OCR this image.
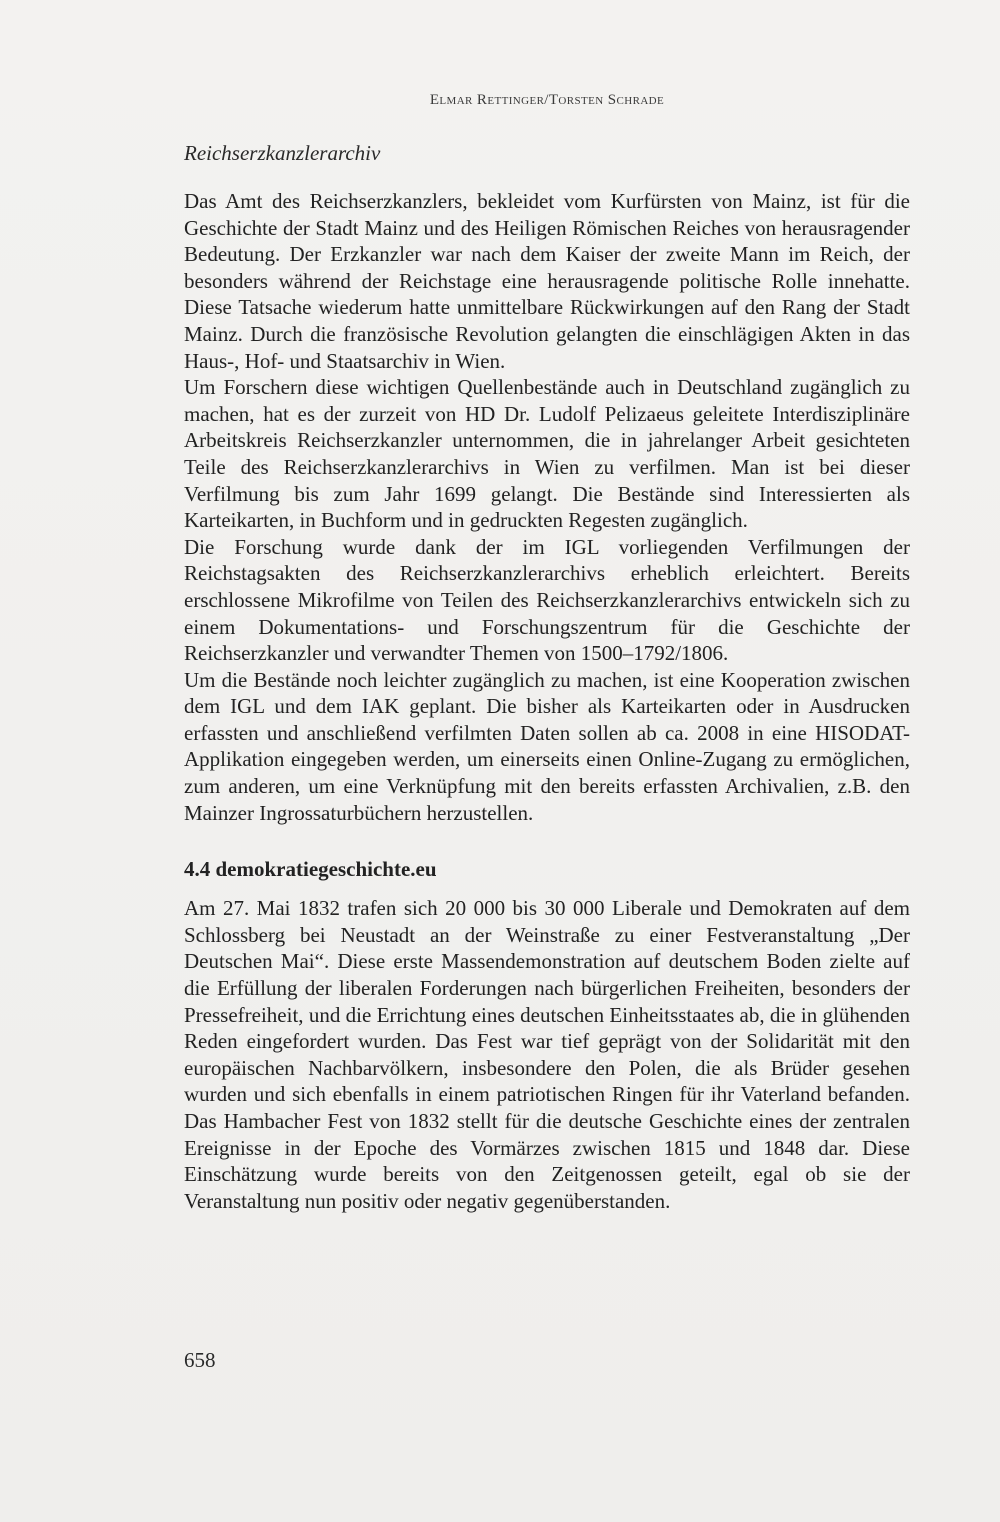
Elmar Rettinger/Torsten Schrade
Reichserzkanzlerarchiv

Das Amt des Reichserzkanzlers, bekleidet vom Kurfürsten von Mainz, ist für die Geschichte der Stadt Mainz und des Heiligen Römischen Reiches von herausragender Bedeutung. Der Erzkanzler war nach dem Kaiser der zweite Mann im Reich, der besonders während der Reichstage eine herausragende politische Rolle innehatte. Diese Tatsache wiederum hatte unmittelbare Rückwirkungen auf den Rang der Stadt Mainz. Durch die französische Revolution gelangten die einschlägigen Akten in das Haus-, Hof- und Staatsarchiv in Wien.

Um Forschern diese wichtigen Quellenbestände auch in Deutschland zugänglich zu machen, hat es der zurzeit von HD Dr. Ludolf Pelizaeus geleitete Interdisziplinäre Arbeitskreis Reichserzkanzler unternommen, die in jahrelanger Arbeit gesichteten Teile des Reichserzkanzlerarchivs in Wien zu verfilmen. Man ist bei dieser Verfilmung bis zum Jahr 1699 gelangt. Die Bestände sind Interessierten als Karteikarten, in Buchform und in gedruckten Regesten zugänglich.

Die Forschung wurde dank der im IGL vorliegenden Verfilmungen der Reichstagsakten des Reichserzkanzlerarchivs erheblich erleichtert. Bereits erschlossene Mikrofilme von Teilen des Reichserzkanzlerarchivs entwickeln sich zu einem Dokumentations- und Forschungszentrum für die Geschichte der Reichserzkanzler und verwandter Themen von 1500–1792/1806.

Um die Bestände noch leichter zugänglich zu machen, ist eine Kooperation zwischen dem IGL und dem IAK geplant. Die bisher als Karteikarten oder in Ausdrucken erfassten und anschließend verfilmten Daten sollen ab ca. 2008 in eine HISODAT-Applikation eingegeben werden, um einerseits einen Online-Zugang zu ermöglichen, zum anderen, um eine Verknüpfung mit den bereits erfassten Archivalien, z.B. den Mainzer Ingrossaturbüchern herzustellen.

4.4 demokratiegeschichte.eu

Am 27. Mai 1832 trafen sich 20 000 bis 30 000 Liberale und Demokraten auf dem Schlossberg bei Neustadt an der Weinstraße zu einer Festveranstaltung „Der Deutschen Mai“. Diese erste Massendemonstration auf deutschem Boden zielte auf die Erfüllung der liberalen Forderungen nach bürgerlichen Freiheiten, besonders der Pressefreiheit, und die Errichtung eines deutschen Einheitsstaates ab, die in glühenden Reden eingefordert wurden. Das Fest war tief geprägt von der Solidarität mit den europäischen Nachbarvölkern, insbesondere den Polen, die als Brüder gesehen wurden und sich ebenfalls in einem patriotischen Ringen für ihr Vaterland befanden. Das Hambacher Fest von 1832 stellt für die deutsche Geschichte eines der zentralen Ereignisse in der Epoche des Vormärzes zwischen 1815 und 1848 dar. Diese Einschätzung wurde bereits von den Zeitgenossen geteilt, egal ob sie der Veranstaltung nun positiv oder negativ gegenüberstanden.

658
